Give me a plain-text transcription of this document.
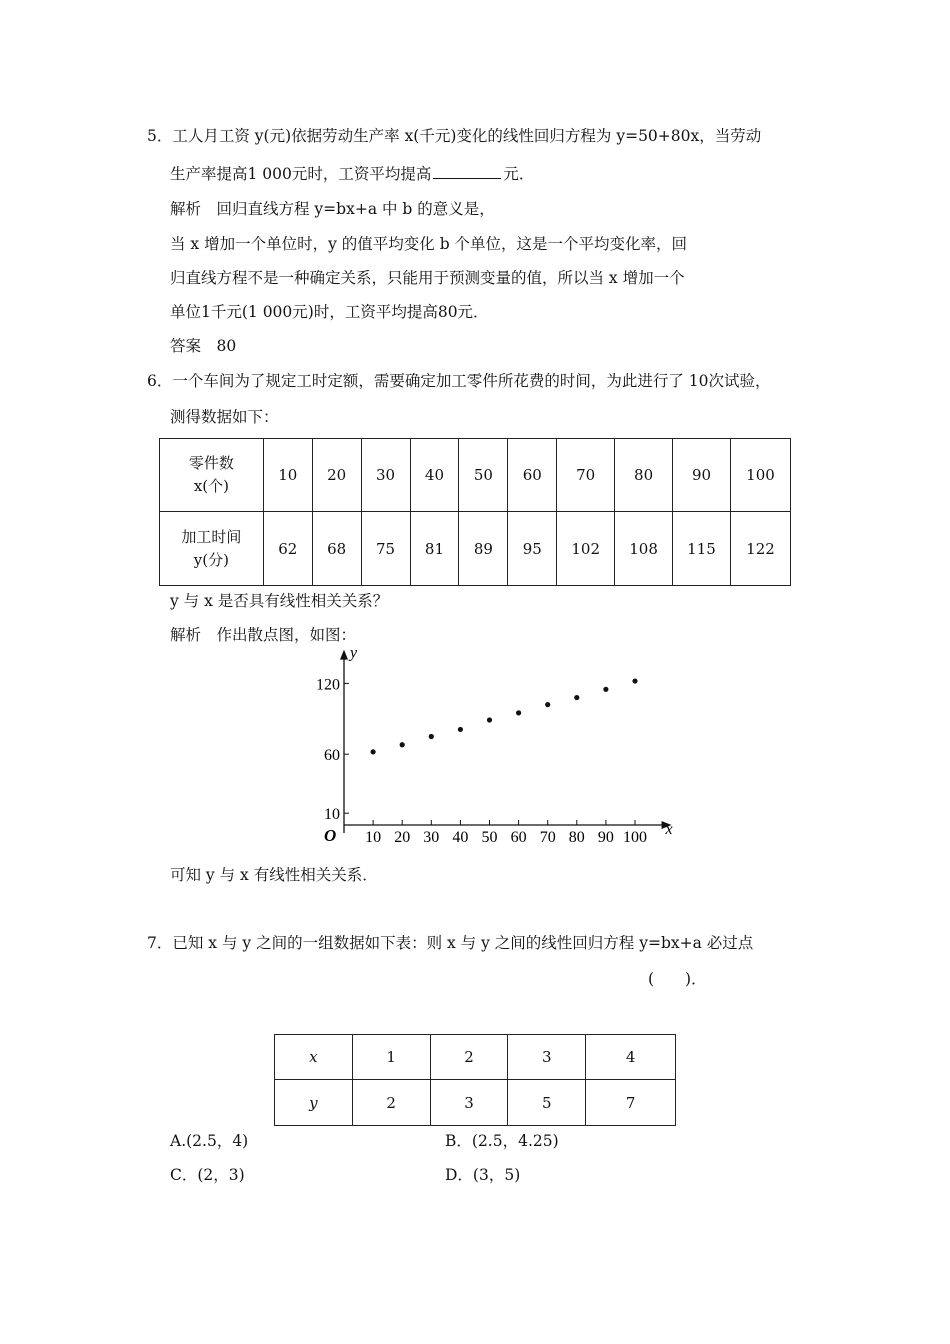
5．工人月工资 y(元)依据劳动生产率 x(千元)变化的线性回归方程为 y=50+80x，当劳动
生产率提高1 000元时，工资平均提高	元．
解析　回归直线方程 y=bx+a 中 b 的意义是，
当 x 增加一个单位时，y 的值平均变化 b 个单位，这是一个平均变化率，回
归直线方程不是一种确定关系，只能用于预测变量的值，所以当 x 增加一个
单位1千元(1 000元)时，工资平均提高80元．
答案　80
6．一个车间为了规定工时定额，需要确定加工零件所花费的时间，为此进行了 10次试验，
测得数据如下：
零件数
x(个)	10	20	30	40	50	60	70	80	90	100

加工时间
y(分)	62	68	75	81	89	95	102	108	115	122
y 与 x 是否具有线性相关关系？
解析　作出散点图，如图：
x
y
O 10 20 30 40 50 60 70 80 90 100
10
60
120
可知 y 与 x 有线性相关关系．
7．已知 x 与 y 之间的一组数据如下表：则 x 与 y 之间的线性回归方程 y=bx+a 必过点
(　　)．
x	1	2	3	4
y	2	3	5	7
A.(2.5，4)	B．(2.5，4.25)
C．(2，3)	D．(3，5)
